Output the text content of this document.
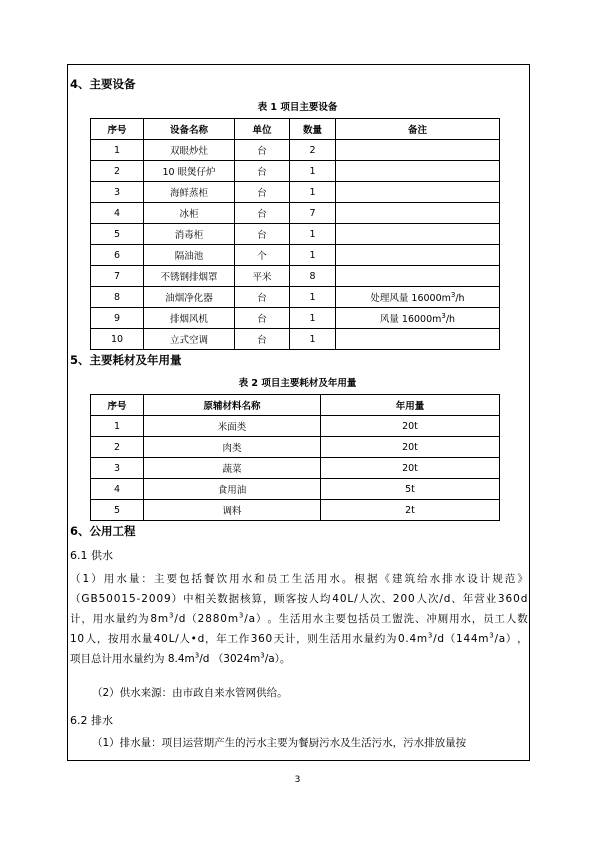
4、主要设备
表 1 项目主要设备
序号	设备名称	单位	数量	备注
1	双眼炒灶	台	2	
2	10 眼煲仔炉	台	1	
3	海鲜蒸柜	台	1	
4	冰柜	台	7	
5	消毒柜	台	1	
6	隔油池	个	1	
7	不锈钢排烟罩	平米	8	
8	油烟净化器	台	1	处理风量 $16000m^3/h$
9	排烟风机	台	1	风量 $16000m^3/h$
10	立式空调	台	1	
5、主要耗材及年用量
表 2 项目主要耗材及年用量
序号	原辅材料名称	年用量
1	米面类	20t
2	肉类	20t
3	蔬菜	20t
4	食用油	5t
5	调料	2t
6、公用工程
6.1 供水
（ 1 ） 用 水 量 ： 主 要 包 括 餐 饮 用 水 和 员 工 生 活 用 水 。 根 据 《 建 筑 给 水 排 水 设 计 规 范 》
（ G B 5 0 0 1 5 - 2 0 0 9 ） 中 相 关 数 据 核 算 ， 顾 客 按 人 均 4 0 L / 人 次 、 2 0 0 人 次 / d 、 年 营 业 3 6 0 d
计 ， 用 水 量 约 为 8 m $^3$ / d （ 2 8 8 0 m $^3$ / a ） 。 生 活 用 水 主 要 包 括 员 工 盥 洗 、 冲 厕 用 水 ， 员 工 人 数
1 0 人 ， 按 用 水 量 4 0 L / 人 • d ， 年 工 作 3 6 0 天 计 ， 则 生 活 用 水 量 约 为 0 . 4 m $^3$ / d （ 1 4 4 m $^3$ / a ） ，
项目总计用水量约为 $8.4m^3/d$ $(3024m^3/a)$。
（2）供水来源：由市政自来水管网供给。
6.2 排水
（1）排水量：项目运营期产生的污水主要为餐厨污水及生活污水，污水排放量按
3
